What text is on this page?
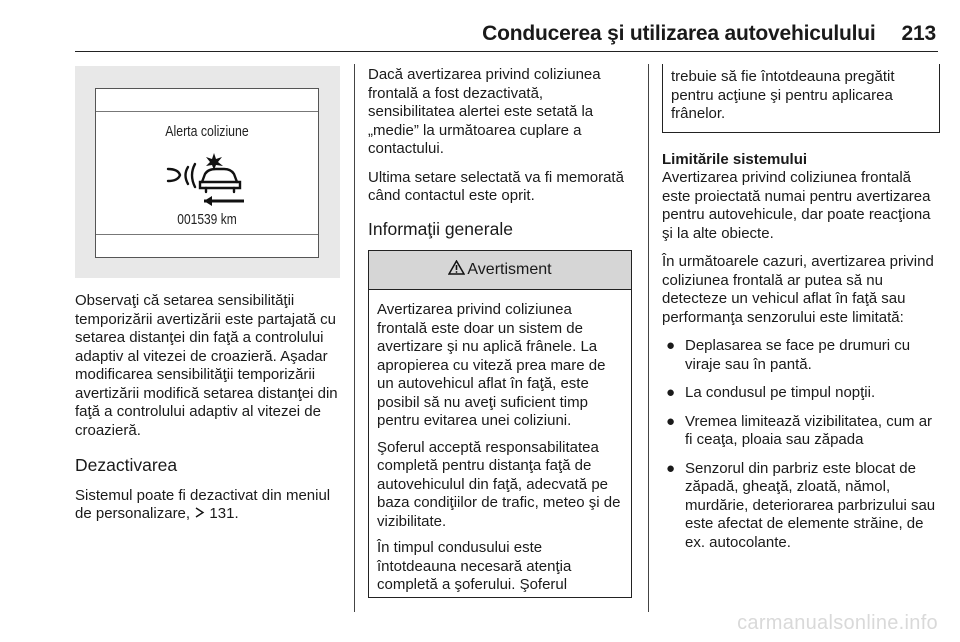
Conducerea şi utilizarea autovehiculului 213
Alerta coliziune
001539 km

Observaţi că setarea sensibilităţii temporizării avertizării este partajată cu setarea distanţei din faţă a controlului adaptiv al vitezei de croazieră. Aşadar modificarea sensibilităţii temporizării avertizării modifică setarea distanţei din faţă a controlului adaptiv al vitezei de croazieră.

Dezactivarea

Sistemul poate fi dezactivat din meniul de personalizare, 131.

Dacă avertizarea privind coliziunea frontală a fost dezactivată, sensibilitatea alertei este setată la „medie” la următoarea cuplare a contactului.

Ultima setare selectată va fi memorată când contactul este oprit.

Informaţii generale
Avertisment

Avertizarea privind coliziunea frontală este doar un sistem de avertizare şi nu aplică frânele. La apropierea cu viteză prea mare de un autovehicul aflat în faţă, este posibil să nu aveţi suficient timp pentru evitarea unei coliziuni.

Şoferul acceptă responsabilitatea completă pentru distanţa faţă de autovehiculul din faţă, adecvată pe baza condiţiilor de trafic, meteo şi de vizibilitate.

În timpul condusului este întotdeauna necesară atenţia completă a şoferului. Şoferul

trebuie să fie întotdeauna pregătit pentru acţiune şi pentru aplicarea frânelor.
Limitările sistemului

Avertizarea privind coliziunea frontală este proiectată numai pentru avertizarea pentru autovehicule, dar poate reacţiona şi la alte obiecte.

În următoarele cazuri, avertizarea privind coliziunea frontală ar putea să nu detecteze un vehicul aflat în faţă sau performanţa senzorului este limitată:

● Deplasarea se face pe drumuri cu viraje sau în pantă.
● La condusul pe timpul nopţii.
● Vremea limitează vizibilitatea, cum ar fi ceaţa, ploaia sau zăpada
● Senzorul din parbriz este blocat de zăpadă, gheaţă, zloată, nămol, murdărie, deteriorarea parbrizului sau este afectat de elemente străine, de ex. autocolante.
carmanualsonline.info
